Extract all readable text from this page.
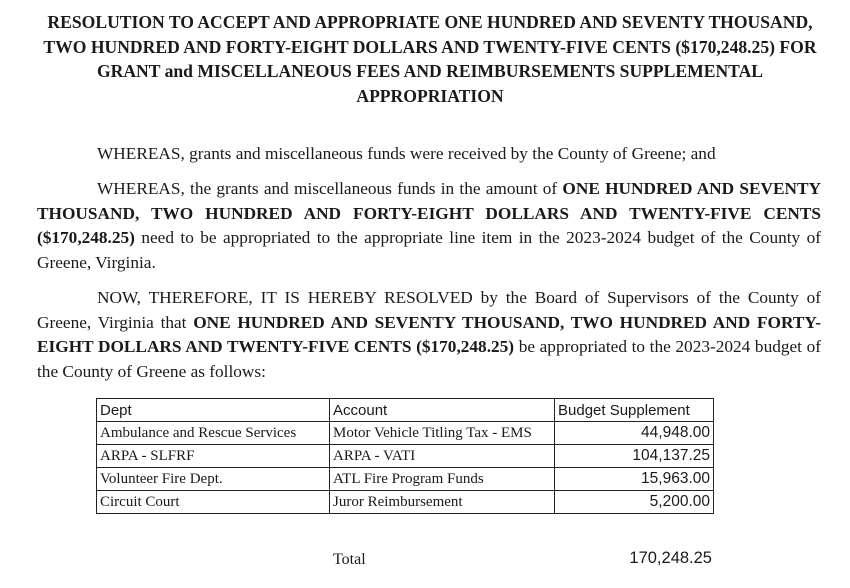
RESOLUTION TO ACCEPT AND APPROPRIATE ONE HUNDRED AND SEVENTY THOUSAND, TWO HUNDRED AND FORTY-EIGHT DOLLARS AND TWENTY-FIVE CENTS ($170,248.25) FOR GRANT and MISCELLANEOUS FEES AND REIMBURSEMENTS SUPPLEMENTAL APPROPRIATION
WHEREAS, grants and miscellaneous funds were received by the County of Greene; and
WHEREAS, the grants and miscellaneous funds in the amount of ONE HUNDRED AND SEVENTY THOUSAND, TWO HUNDRED AND FORTY-EIGHT DOLLARS AND TWENTY-FIVE CENTS ($170,248.25) need to be appropriated to the appropriate line item in the 2023-2024 budget of the County of Greene, Virginia.
NOW, THEREFORE, IT IS HEREBY RESOLVED by the Board of Supervisors of the County of Greene, Virginia that ONE HUNDRED AND SEVENTY THOUSAND, TWO HUNDRED AND FORTY-EIGHT DOLLARS AND TWENTY-FIVE CENTS ($170,248.25) be appropriated to the 2023-2024 budget of the County of Greene as follows:
Dept	Account	Budget Supplement
Ambulance and Rescue Services	Motor Vehicle Titling Tax - EMS	44,948.00
ARPA - SLFRF	ARPA - VATI	104,137.25
Volunteer Fire Dept.	ATL Fire Program Funds	15,963.00
Circuit Court	Juror Reimbursement	5,200.00
Total	170,248.25
